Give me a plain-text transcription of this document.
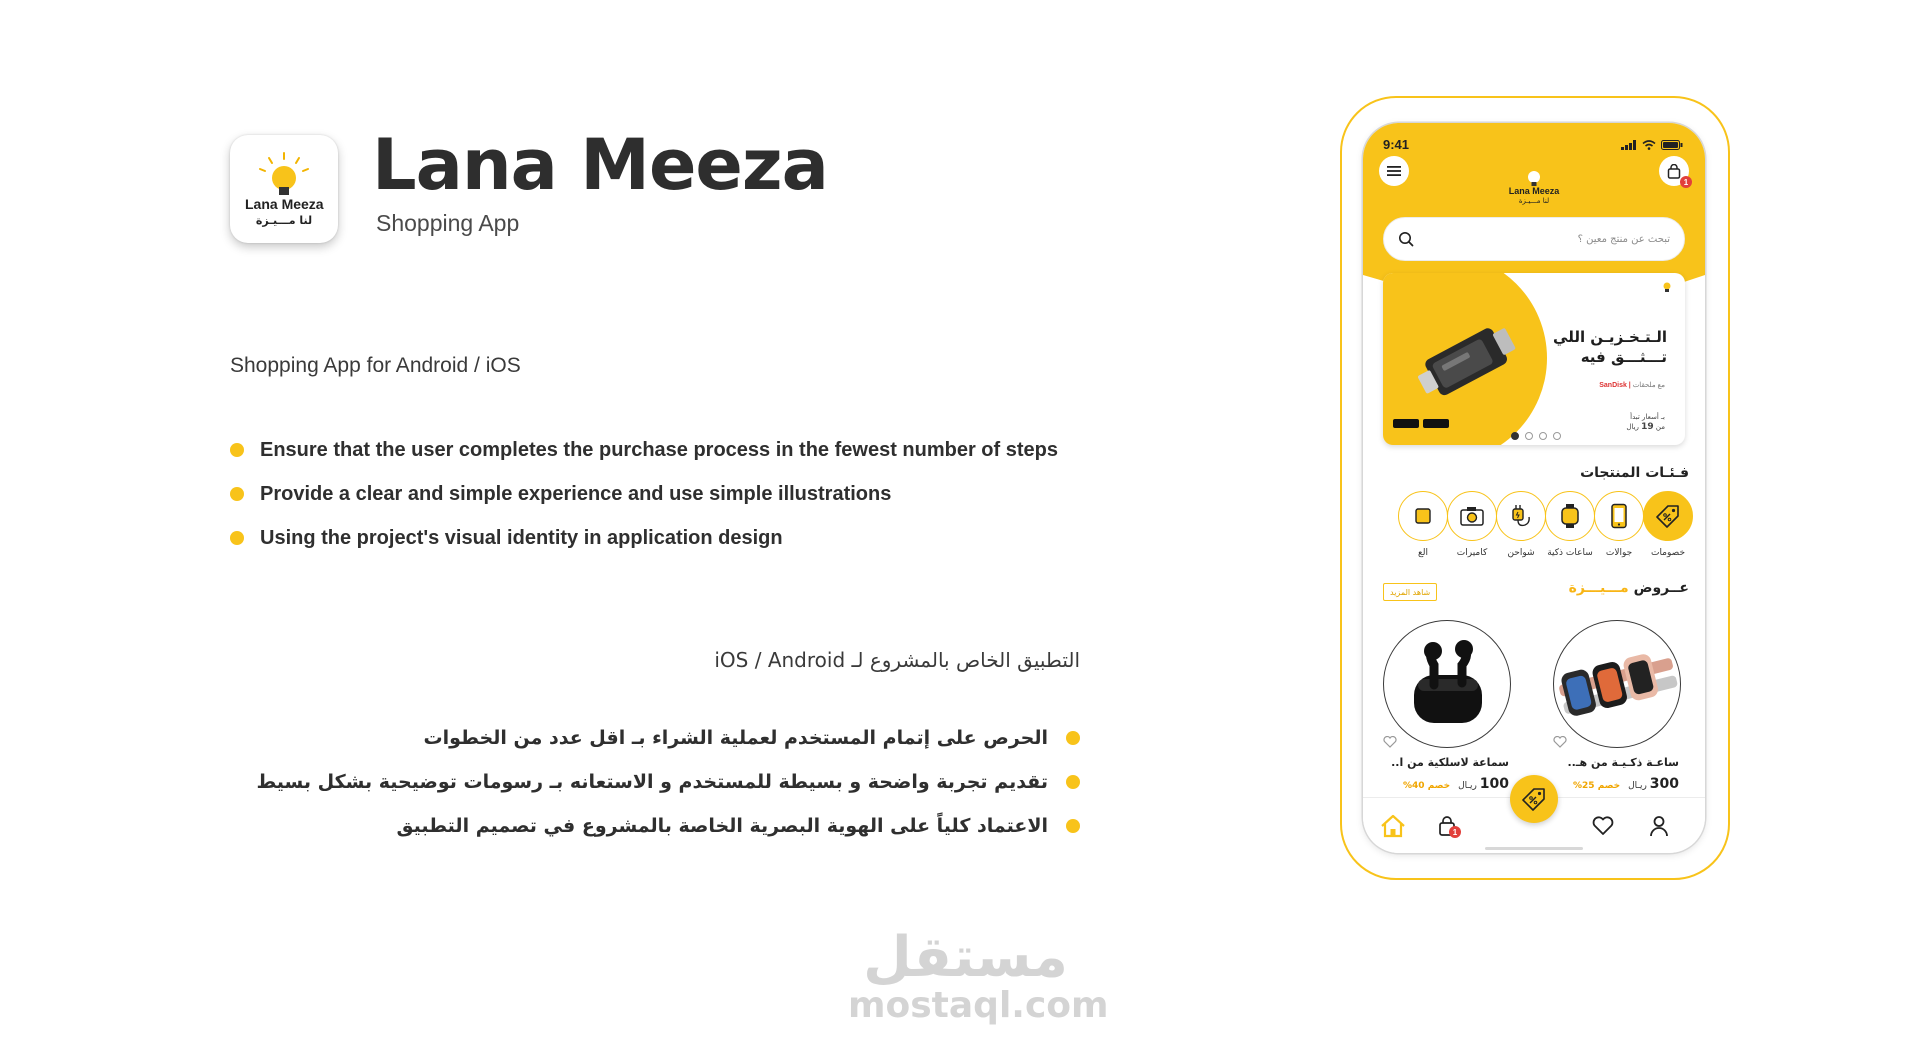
Lana Meeza
لنا مـــيـزة
Lana Meeza
Shopping App
Shopping App for Android / iOS
Ensure that the user completes the purchase process in the fewest number of steps
Provide a clear and simple experience and use simple illustrations
Using the project's visual identity in application design
التطبيق الخاص بالمشروع لـ iOS / Android
الحرص على إتمام المستخدم لعملية الشراء بـ اقل عدد من الخطوات
تقديم تجربة واضحة و بسيطة للمستخدم و الاستعانه بـ رسومات توضيحية بشكل بسيط
الاعتماد كلياً على الهوية البصرية الخاصة بالمشروع في تصميم التطبيق
مستقل
mostaql.com
9:41
Lana Meeza
لنا مـــيـزة
1
تبحث عن منتج معين ؟
الـتـخـزيـن اللي
تـــثـــق فيه
مع ملحقات | SanDisk
بـ أسعار تبدأ
من 19 ريال
فـئـات المنتجات
خصومات
جوالات
ساعات ذكية
شواحن
كاميرات
الع
عــروض مـــيـــزة
شاهد المزيد
ساعـة ذكـيـة من هـ..
300 ريـال
خصم 25%
سماعة لاسلكية من ا..
100 ريـال
خصم 40%
1
